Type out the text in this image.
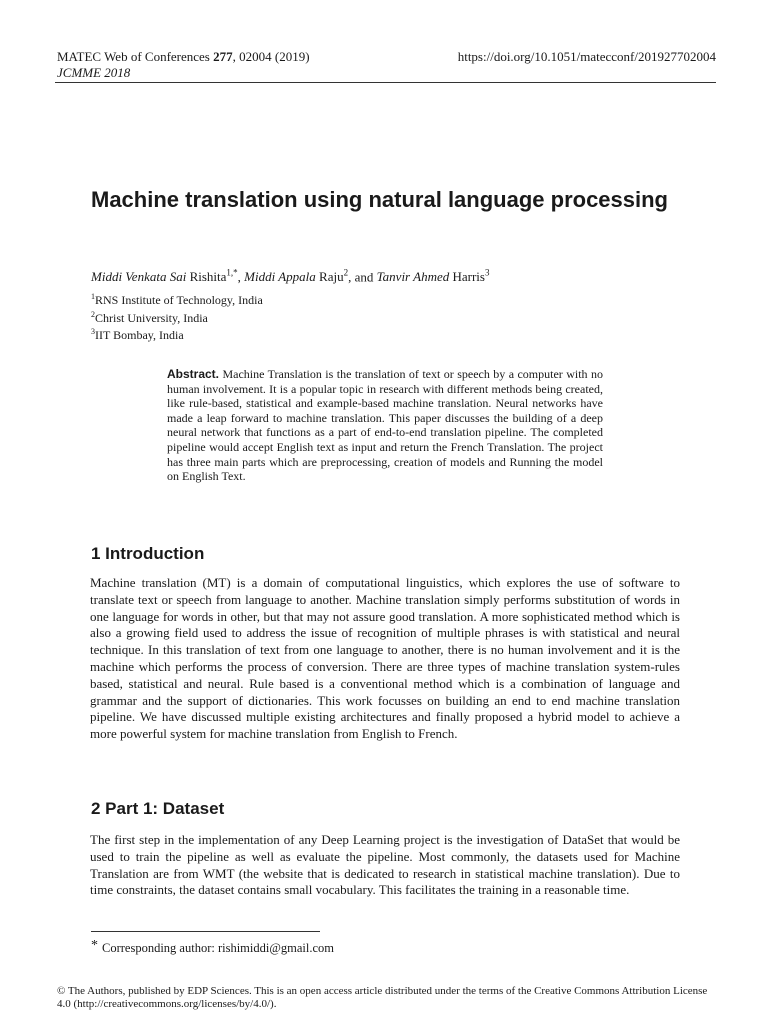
MATEC Web of Conferences 277, 02004 (2019)
JCMME 2018
https://doi.org/10.1051/matecconf/201927702004
Machine translation using natural language processing
Middi Venkata Sai Rishita$^{1,*}$, Middi Appala Raju$^2$, and Tanvir Ahmed Harris$^3$
$^1$RNS Institute of Technology, India
$^2$Christ University, India
$^3$IIT Bombay, India
Abstract. Machine Translation is the translation of text or speech by a computer with no human involvement. It is a popular topic in research with different methods being created, like rule-based, statistical and example-based machine translation. Neural networks have made a leap forward to machine translation. This paper discusses the building of a deep neural network that functions as a part of end-to-end translation pipeline. The completed pipeline would accept English text as input and return the French Translation. The project has three main parts which are preprocessing, creation of models and Running the model on English Text.
1 Introduction
Machine translation (MT) is a domain of computational linguistics, which explores the use of software to translate text or speech from language to another. Machine translation simply performs substitution of words in one language for words in other, but that may not assure good translation. A more sophisticated method which is also a growing field used to address the issue of recognition of multiple phrases is with statistical and neural technique. In this translation of text from one language to another, there is no human involvement and it is the machine which performs the process of conversion. There are three types of machine translation system-rules based, statistical and neural. Rule based is a conventional method which is a combination of language and grammar and the support of dictionaries. This work focusses on building an end to end machine translation pipeline. We have discussed multiple existing architectures and finally proposed a hybrid model to achieve a more powerful system for machine translation from English to French.
2 Part 1: Dataset
The first step in the implementation of any Deep Learning project is the investigation of DataSet that would be used to train the pipeline as well as evaluate the pipeline. Most commonly, the datasets used for Machine Translation are from WMT (the website that is dedicated to research in statistical machine translation). Due to time constraints, the dataset contains small vocabulary. This facilitates the training in a reasonable time.
* Corresponding author: rishimiddi@gmail.com
© The Authors, published by EDP Sciences. This is an open access article distributed under the terms of the Creative Commons Attribution License 4.0 (http://creativecommons.org/licenses/by/4.0/).
